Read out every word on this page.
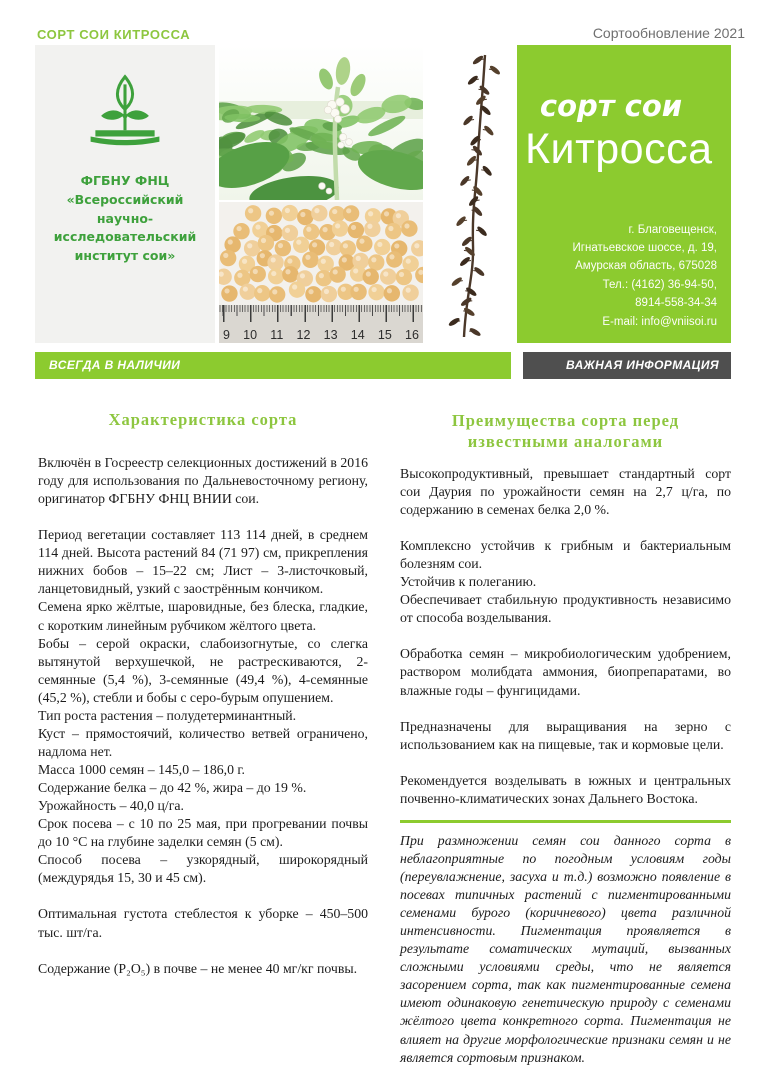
СОРТ СОИ КИТРОССА	Сортообновление 2021
ФГБНУ ФНЦ
«Всероссийский
научно-
исследовательский
институт сои»
9 10 11 12 13 14 15 16
сорт сои
Китросса
г. Благовещенск,
Игнатьевское шоссе, д. 19,
Амурская область, 675028
Тел.: (4162) 36-94-50,
8914-558-34-34
E-mail: info@vniisoi.ru
ВСЕГДА В НАЛИЧИИ	ВАЖНАЯ ИНФОРМАЦИЯ
Характеристика сорта

Включён в Госреестр селекционных достижений в 2016 году для использования по Дальневосточному региону, оригинатор ФГБНУ ФНЦ ВНИИ сои.

Период вегетации составляет 113 114 дней, в среднем 114 дней. Высота растений 84 (71 97) см, прикрепления нижних бобов – 15–22 см; Лист – 3-листочковый, ланцетовидный, узкий с заострённым кончиком.

Семена ярко жёлтые, шаровидные, без блеска, гладкие, с коротким линейным рубчиком жёлтого цвета.

Бобы – серой окраски, слабоизогнутые, со слегка вытянутой верхушечкой, не растрескиваются, 2-семянные (5,4 %), 3-семянные (49,4 %), 4-семянные (45,2 %), стебли и бобы с серо-бурым опушением.

Тип роста растения – полудетерминантный.

Куст – прямостоячий, количество ветвей ограничено, надлома нет.

Масса 1000 семян – 145,0 – 186,0 г.

Содержание белка – до 42 %, жира – до 19 %.

Урожайность – 40,0 ц/га.

Срок посева – с 10 по 25 мая, при прогревании почвы до 10 °С на глубине заделки семян (5 см).

Способ посева – узкорядный, широкорядный (междурядья 15, 30 и 45 см).

Оптимальная густота стеблестоя к уборке – 450–500 тыс. шт/га.

Содержание (P₂O₅) в почве – не менее 40 мг/кг почвы.

Преимущества сорта перед
известными аналогами

Высокопродуктивный, превышает стандартный сорт сои Даурия по урожайности семян на 2,7 ц/га, по содержанию в семенах белка 2,0 %.

Комплексно устойчив к грибным и бактериальным болезням сои.

Устойчив к полеганию.

Обеспечивает стабильную продуктивность независимо от способа возделывания.

Обработка семян – микробиологическим удобрением, раствором молибдата аммония, биопрепаратами, во влажные годы – фунгицидами.

Предназначены для выращивания на зерно с использованием как на пищевые, так и кормовые цели.

Рекомендуется возделывать в южных и центральных почвенно-климатических зонах Дальнего Востока.

При размножении семян сои данного сорта в неблагоприятные по погодным условиям годы (переувлажнение, засуха и т.д.) возможно появление в посевах типичных растений с пигментированными семенами бурого (коричневого) цвета различной интенсивности. Пигментация проявляется в результате соматических мутаций, вызванных сложными условиями среды, что не является засорением сорта, так как пигментированные семена имеют одинаковую генетическую природу с семенами жёлтого цвета конкретного сорта. Пигментация не влияет на другие морфологические признаки семян и не является сортовым признаком.
